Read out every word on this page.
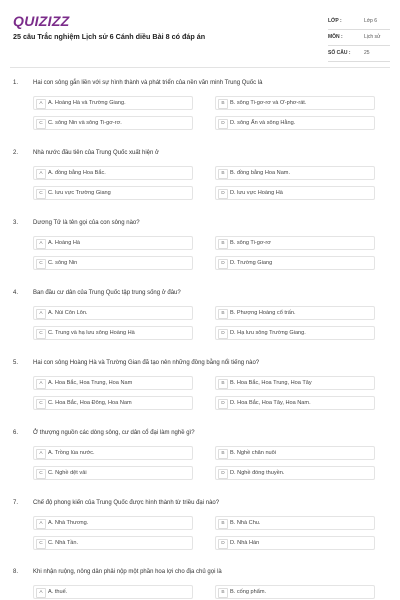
QUIZIZZ
25 câu Trắc nghiệm Lịch sử 6 Cánh diều Bài 8 có đáp án
LỚP :	Lớp 6
MÔN :	Lịch sử
SỐ CÂU :	25
1. Hai con sông gắn liền với sự hình thành và phát triển của nền văn minh Trung Quốc là
A A. Hoàng Hà và Trường Giang.	B B. sông Ti-gơ-rơ và Ơ-phơ-rát.
C C. sông Nin và sông Ti-gơ-rơ.	D D. sông Ấn và sông Hằng.
2. Nhà nước đầu tiên của Trung Quốc xuất hiện ở
A A. đồng bằng Hoa Bắc.	B B. đồng bằng Hoa Nam.
C C. lưu vực Trường Giang	D D. lưu vực Hoàng Hà
3. Dương Tử là tên gọi của con sông nào?
A A. Hoàng Hà	B B. sông Ti-gơ-rơ
C C. sông Nin	D D. Trường Giang
4. Ban đầu cư dân của Trung Quốc tập trung sống ở đâu?
A A. Núi Côn Lôn.	B B. Phượng Hoàng cổ trấn.
C C. Trung và hạ lưu sông Hoàng Hà	D D. Hạ lưu sông Trường Giang.
5. Hai con sông Hoàng Hà và Trường Gian đã tạo nên những đồng bằng nổi tiếng nào?
A A. Hoa Bắc, Hoa Trung, Hoa Nam	B B. Hoa Bắc, Hoa Trung, Hoa Tây
C C. Hoa Bắc, Hoa Đông, Hoa Nam	D D. Hoa Bắc, Hoa Tây, Hoa Nam.
6. Ở thượng nguồn các dòng sông, cư dân cổ đại làm nghề gì?
A A. Trồng lúa nước.	B B. Nghề chăn nuôi
C C. Nghề dệt vải	D D. Nghề đóng thuyền.
7. Chế độ phong kiến của Trung Quốc được hình thành từ triều đại nào?
A A. Nhà Thương.	B B. Nhà Chu.
C C. Nhà Tần.	D D. Nhà Hán
8. Khi nhận ruộng, nông dân phải nộp một phần hoa lợi cho địa chủ gọi là
A A. thuế.	B B. cống phẩm.
